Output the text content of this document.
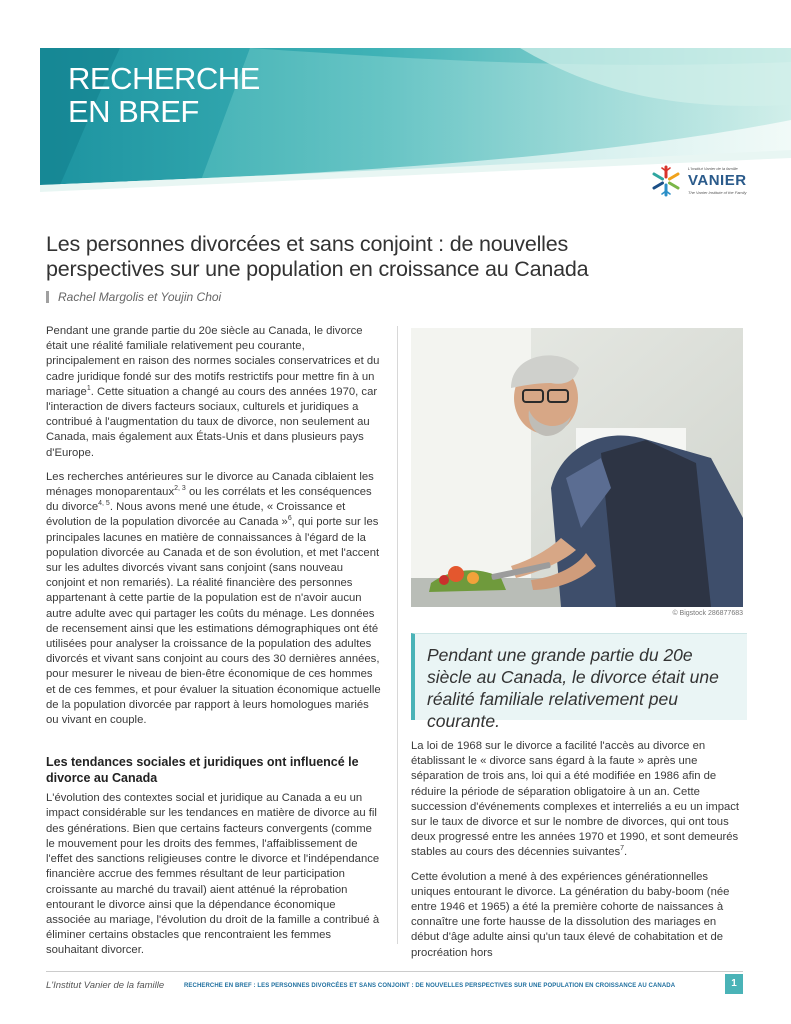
RECHERCHE
EN BREF
L'Institut Vanier de la famille
VANIER
The Vanier Institute of the Family
Les personnes divorcées et sans conjoint : de nouvelles perspectives sur une population en croissance au Canada
Rachel Margolis et Youjin Choi

Pendant une grande partie du 20e siècle au Canada, le divorce était une réalité familiale relativement peu courante, principalement en raison des normes sociales conservatrices et du cadre juridique fondé sur des motifs restrictifs pour mettre fin à un mariage$^1$. Cette situation a changé au cours des années 1970, car l'interaction de divers facteurs sociaux, culturels et juridiques a contribué à l'augmentation du taux de divorce, non seulement au Canada, mais également aux États-Unis et dans plusieurs pays d'Europe.

Les recherches antérieures sur le divorce au Canada ciblaient les ménages monoparentaux$^{2, 3}$ ou les corrélats et les conséquences du divorce$^{4, 5}$. Nous avons mené une étude, « Croissance et évolution de la population divorcée au Canada »$^6$, qui porte sur les principales lacunes en matière de connaissances à l'égard de la population divorcée au Canada et de son évolution, et met l'accent sur les adultes divorcés vivant sans conjoint (sans nouveau conjoint et non remariés). La réalité financière des personnes appartenant à cette partie de la population est de n'avoir aucun autre adulte avec qui partager les coûts du ménage. Les données de recensement ainsi que les estimations démographiques ont été utilisées pour analyser la croissance de la population des adultes divorcés et vivant sans conjoint au cours des 30 dernières années, pour mesurer le niveau de bien-être économique de ces hommes et de ces femmes, et pour évaluer la situation économique actuelle de la population divorcée par rapport à leurs homologues mariés ou vivant en couple.

Les tendances sociales et juridiques ont influencé le divorce au Canada

L'évolution des contextes social et juridique au Canada a eu un impact considérable sur les tendances en matière de divorce au fil des générations. Bien que certains facteurs convergents (comme le mouvement pour les droits des femmes, l'affaiblissement de l'effet des sanctions religieuses contre le divorce et l'indépendance financière accrue des femmes résultant de leur participation croissante au marché du travail) aient atténué la réprobation entourant le divorce ainsi que la dépendance économique associée au mariage, l'évolution du droit de la famille a contribué à éliminer certains obstacles que rencontraient les femmes souhaitant divorcer.

© Bigstock 286877683
Pendant une grande partie du 20e siècle au Canada, le divorce était une réalité familiale relativement peu courante.

La loi de 1968 sur le divorce a facilité l'accès au divorce en établissant le « divorce sans égard à la faute » après une séparation de trois ans, loi qui a été modifiée en 1986 afin de réduire la période de séparation obligatoire à un an. Cette succession d'événements complexes et interreliés a eu un impact sur le taux de divorce et sur le nombre de divorces, qui ont tous deux progressé entre les années 1970 et 1990, et sont demeurés stables au cours des décennies suivantes$^7$.

Cette évolution a mené à des expériences générationnelles uniques entourant le divorce. La génération du baby-boom (née entre 1946 et 1965) a été la première cohorte de naissances à connaître une forte hausse de la dissolution des mariages en début d'âge adulte ainsi qu'un taux élevé de cohabitation et de procréation hors

L'Institut Vanier de la famille	RECHERCHE EN BREF : LES PERSONNES DIVORCÉES ET SANS CONJOINT : DE NOUVELLES PERSPECTIVES SUR UNE POPULATION EN CROISSANCE AU CANADA	1
